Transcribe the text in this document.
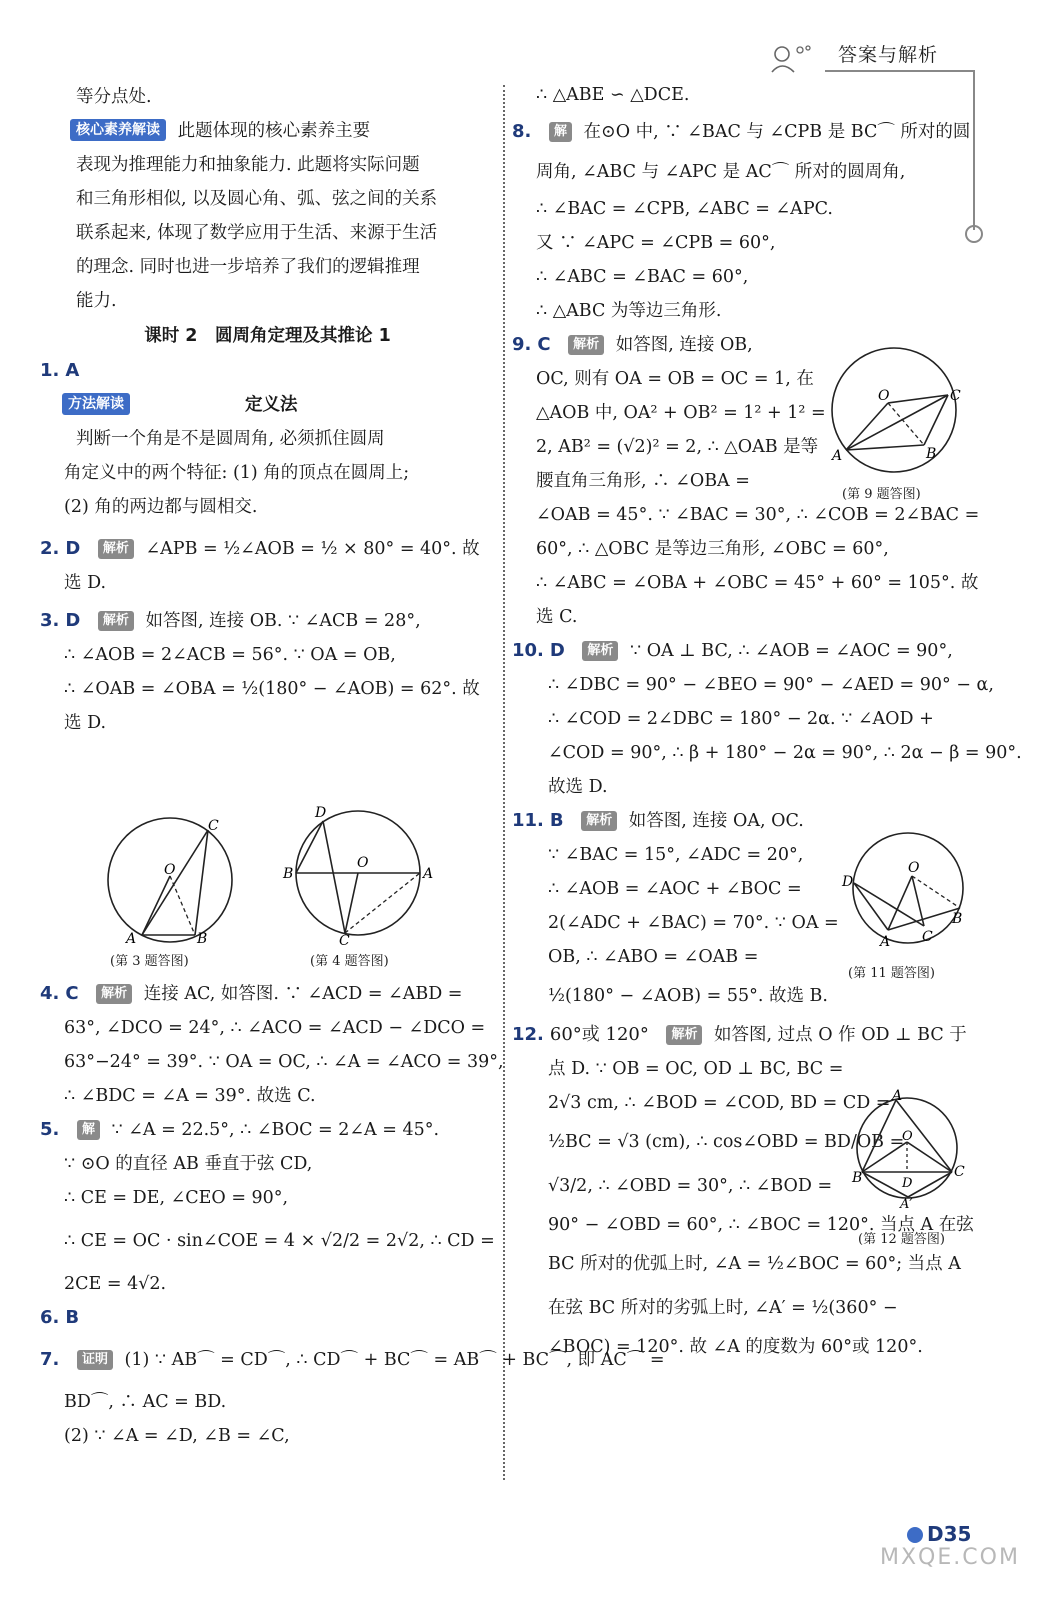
答案与解析
等分点处.
核心素养解读 此题体现的核心素养主要
表现为推理能力和抽象能力. 此题将实际问题
和三角形相似, 以及圆心角、弧、弦之间的关系
联系起来, 体现了数学应用于生活、来源于生活
的理念. 同时也进一步培养了我们的逻辑推理
能力.
课时 2　圆周角定理及其推论 1
1. A
方法解读	定义法
判断一个角是不是圆周角, 必须抓住圆周
角定义中的两个特征: (1) 角的顶点在圆周上;
(2) 角的两边都与圆相交.
2. D 解析 ∠APB = ½∠AOB = ½ × 80° = 40°. 故
选 D.
3. D 解析 如答图, 连接 OB. ∵ ∠ACB = 28°,
∴ ∠AOB = 2∠ACB = 56°. ∵ OA = OB,
∴ ∠OAB = ∠OBA = ½(180° − ∠AOB) = 62°. 故
选 D.
A	B
C
O
(第 3 题答图)
B	A
D
O
C
(第 4 题答图)
4. C 解析 连接 AC, 如答图. ∵ ∠ACD = ∠ABD =
63°, ∠DCO = 24°, ∴ ∠ACO = ∠ACD − ∠DCO =
63°−24° = 39°. ∵ OA = OC, ∴ ∠A = ∠ACO = 39°,
∴ ∠BDC = ∠A = 39°. 故选 C.
5. 解 ∵ ∠A = 22.5°, ∴ ∠BOC = 2∠A = 45°.
∵ ⊙O 的直径 AB 垂直于弦 CD,
∴ CE = DE, ∠CEO = 90°,
∴ CE = OC · sin∠COE = 4 × √2/2 = 2√2, ∴ CD =
2CE = 4√2.
6. B
7. 证明 (1) ∵ AB⌒ = CD⌒, ∴ CD⌒ + BC⌒ = AB⌒ + BC⌒, 即 AC⌒ =
BD⌒, ∴ AC = BD.
(2) ∵ ∠A = ∠D, ∠B = ∠C,
∴ △ABE ∽ △DCE.
8. 解 在⊙O 中, ∵ ∠BAC 与 ∠CPB 是 BC⌒ 所对的圆
周角, ∠ABC 与 ∠APC 是 AC⌒ 所对的圆周角,
∴ ∠BAC = ∠CPB, ∠ABC = ∠APC.
又 ∵ ∠APC = ∠CPB = 60°,
∴ ∠ABC = ∠BAC = 60°,
∴ △ABC 为等边三角形.
9. C 解析 如答图, 连接 OB,
OC, 则有 OA = OB = OC = 1, 在
△AOB 中, OA² + OB² = 1² + 1² =
2, AB² = (√2)² = 2, ∴ △OAB 是等
腰直角三角形, ∴ ∠OBA =
∠OAB = 45°. ∵ ∠BAC = 30°, ∴ ∠COB = 2∠BAC =
60°, ∴ △OBC 是等边三角形, ∠OBC = 60°,
∴ ∠ABC = ∠OBA + ∠OBC = 45° + 60° = 105°. 故
选 C.
10. D 解析 ∵ OA ⊥ BC, ∴ ∠AOB = ∠AOC = 90°,
∴ ∠DBC = 90° − ∠BEO = 90° − ∠AED = 90° − α,
∴ ∠COD = 2∠DBC = 180° − 2α. ∵ ∠AOD +
∠COD = 90°, ∴ β + 180° − 2α = 90°, ∴ 2α − β = 90°.
故选 D.
11. B 解析 如答图, 连接 OA, OC.
∵ ∠BAC = 15°, ∠ADC = 20°,
∴ ∠AOB = ∠AOC + ∠BOC =
2(∠ADC + ∠BAC) = 70°. ∵ OA =
OB, ∴ ∠ABO = ∠OAB =
½(180° − ∠AOB) = 55°. 故选 B.
12. 60°或 120° 解析 如答图, 过点 O 作 OD ⊥ BC 于
点 D. ∵ OB = OC, OD ⊥ BC, BC =
2√3 cm, ∴ ∠BOD = ∠COD, BD = CD =
½BC = √3 (cm), ∴ cos∠OBD = BD/OB =
√3/2, ∴ ∠OBD = 30°, ∴ ∠BOD =
90° − ∠OBD = 60°, ∴ ∠BOC = 120°. 当点 A 在弦
BC 所对的优弧上时, ∠A = ½∠BOC = 60°; 当点 A
在弦 BC 所对的劣弧上时, ∠A′ = ½(360° −
∠BOC) = 120°. 故 ∠A 的度数为 60°或 120°.
A	B
C
O
(第 9 题答图)
D
A C
B
O
(第 11 题答图)
A
B	C
O
D
A′
(第 12 题答图)
D35
MXQE.COM
